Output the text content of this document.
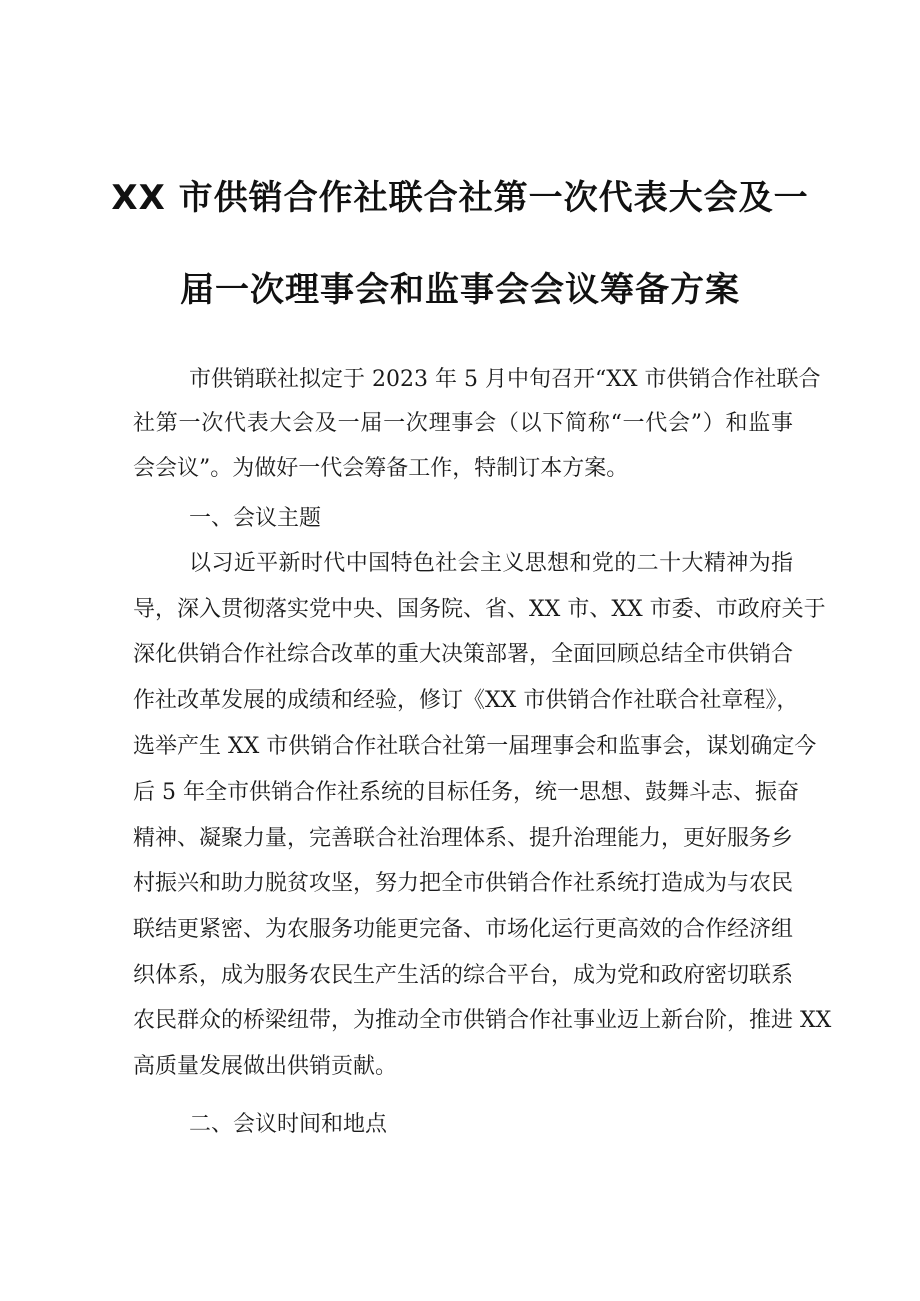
XX 市供销合作社联合社第一次代表大会及一
届一次理事会和监事会会议筹备方案
市供销联社拟定于 2023 年 5 月中旬召开“XX 市供销合作社联合
社第一次代表大会及一届一次理事会（以下简称“一代会”）和监事
会会议”。为做好一代会筹备工作，特制订本方案。
一、会议主题
以习近平新时代中国特色社会主义思想和党的二十大精神为指
导，深入贯彻落实党中央、国务院、省、XX 市、XX 市委、市政府关于
深化供销合作社综合改革的重大决策部署，全面回顾总结全市供销合
作社改革发展的成绩和经验，修订《XX 市供销合作社联合社章程》，
选举产生 XX 市供销合作社联合社第一届理事会和监事会，谋划确定今
后 5 年全市供销合作社系统的目标任务，统一思想、鼓舞斗志、振奋
精神、凝聚力量，完善联合社治理体系、提升治理能力，更好服务乡
村振兴和助力脱贫攻坚，努力把全市供销合作社系统打造成为与农民
联结更紧密、为农服务功能更完备、市场化运行更高效的合作经济组
织体系，成为服务农民生产生活的综合平台，成为党和政府密切联系
农民群众的桥梁纽带，为推动全市供销合作社事业迈上新台阶，推进 XX
高质量发展做出供销贡献。
二、会议时间和地点
